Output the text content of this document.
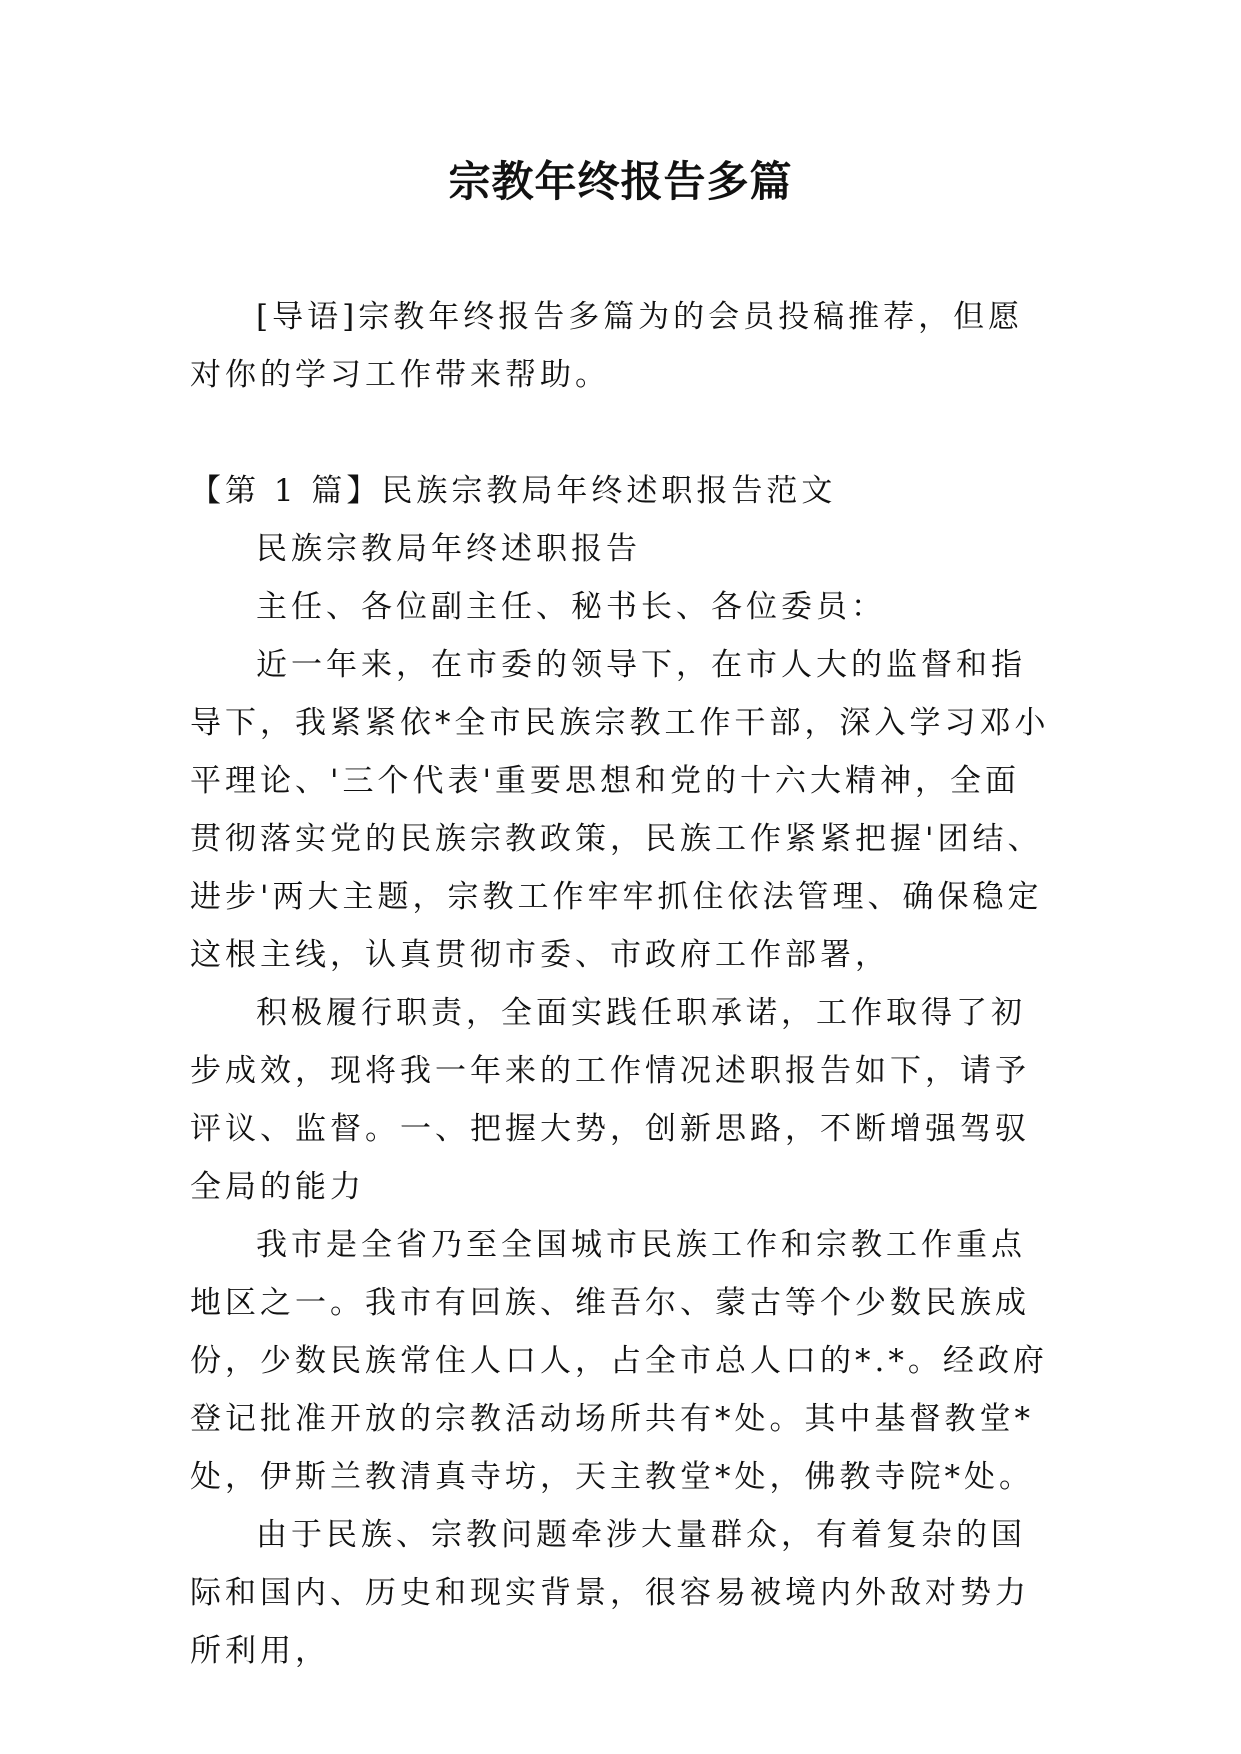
宗教年终报告多篇

[导语]宗教年终报告多篇为的会员投稿推荐，但愿对你的学习工作带来帮助。

【第 1 篇】民族宗教局年终述职报告范文

民族宗教局年终述职报告

主任、各位副主任、秘书长、各位委员：

近一年来，在市委的领导下，在市人大的监督和指导下，我紧紧依*全市民族宗教工作干部，深入学习邓小平理论、'三个代表'重要思想和党的十六大精神，全面贯彻落实党的民族宗教政策，民族工作紧紧把握'团结、进步'两大主题，宗教工作牢牢抓住依法管理、确保稳定这根主线，认真贯彻市委、市政府工作部署，

积极履行职责，全面实践任职承诺，工作取得了初步成效，现将我一年来的工作情况述职报告如下，请予评议、监督。一、把握大势，创新思路，不断增强驾驭全局的能力

我市是全省乃至全国城市民族工作和宗教工作重点地区之一。我市有回族、维吾尔、蒙古等个少数民族成份，少数民族常住人口人，占全市总人口的*.*。经政府登记批准开放的宗教活动场所共有*处。其中基督教堂*处，伊斯兰教清真寺坊，天主教堂*处，佛教寺院*处。

由于民族、宗教问题牵涉大量群众，有着复杂的国际和国内、历史和现实背景，很容易被境内外敌对势力所利用，
